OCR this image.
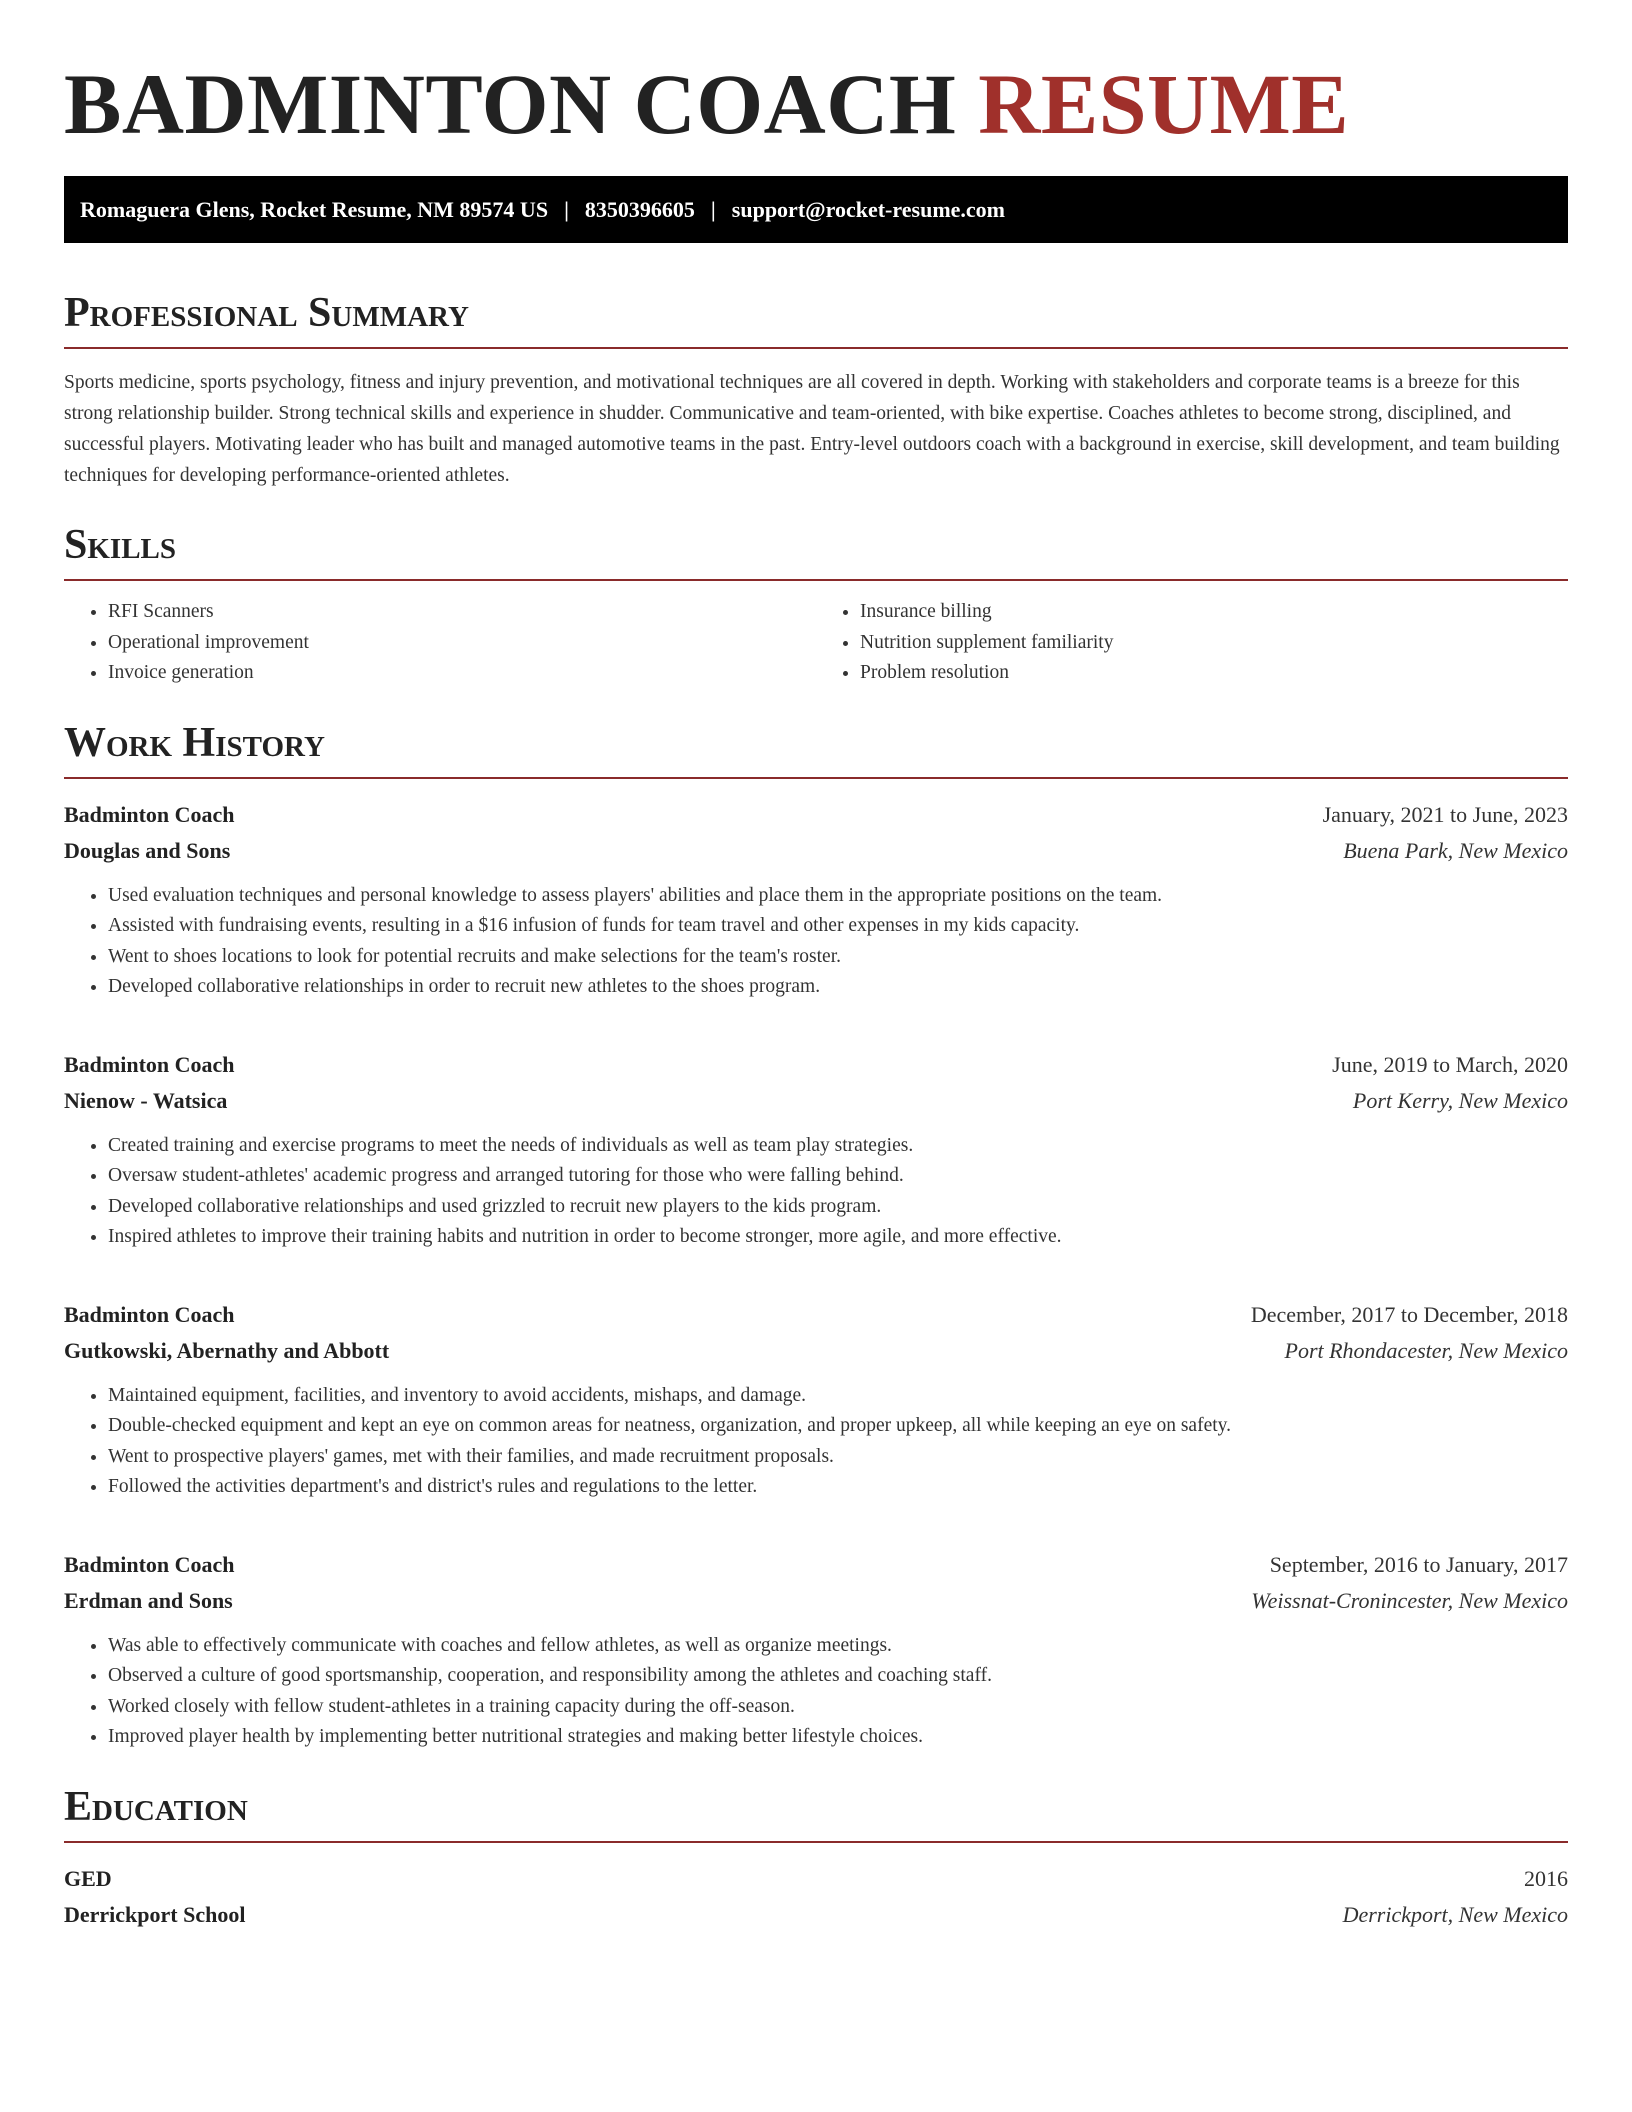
BADMINTON COACH RESUME
Romaguera Glens, Rocket Resume, NM 89574 US | 8350396605 | support@rocket-resume.com
Professional Summary

Sports medicine, sports psychology, fitness and injury prevention, and motivational techniques are all covered in depth. Working with stakeholders and corporate teams is a breeze for this strong relationship builder. Strong technical skills and experience in shudder. Communicative and team-oriented, with bike expertise. Coaches athletes to become strong, disciplined, and successful players. Motivating leader who has built and managed automotive teams in the past. Entry-level outdoors coach with a background in exercise, skill development, and team building techniques for developing performance-oriented athletes.

Skills
• RFI Scanners
• Operational improvement
• Invoice generation
• Insurance billing
• Nutrition supplement familiarity
• Problem resolution
Work History
Badminton Coach	January, 2021 to June, 2023
Douglas and Sons	Buena Park, New Mexico
• Used evaluation techniques and personal knowledge to assess players' abilities and place them in the appropriate positions on the team.
• Assisted with fundraising events, resulting in a $16 infusion of funds for team travel and other expenses in my kids capacity.
• Went to shoes locations to look for potential recruits and make selections for the team's roster.
• Developed collaborative relationships in order to recruit new athletes to the shoes program.
Badminton Coach	June, 2019 to March, 2020
Nienow - Watsica	Port Kerry, New Mexico
• Created training and exercise programs to meet the needs of individuals as well as team play strategies.
• Oversaw student-athletes' academic progress and arranged tutoring for those who were falling behind.
• Developed collaborative relationships and used grizzled to recruit new players to the kids program.
• Inspired athletes to improve their training habits and nutrition in order to become stronger, more agile, and more effective.
Badminton Coach	December, 2017 to December, 2018
Gutkowski, Abernathy and Abbott	Port Rhondacester, New Mexico
• Maintained equipment, facilities, and inventory to avoid accidents, mishaps, and damage.
• Double-checked equipment and kept an eye on common areas for neatness, organization, and proper upkeep, all while keeping an eye on safety.
• Went to prospective players' games, met with their families, and made recruitment proposals.
• Followed the activities department's and district's rules and regulations to the letter.
Badminton Coach	September, 2016 to January, 2017
Erdman and Sons	Weissnat-Cronincester, New Mexico
• Was able to effectively communicate with coaches and fellow athletes, as well as organize meetings.
• Observed a culture of good sportsmanship, cooperation, and responsibility among the athletes and coaching staff.
• Worked closely with fellow student-athletes in a training capacity during the off-season.
• Improved player health by implementing better nutritional strategies and making better lifestyle choices.
Education
GED	2016
Derrickport School	Derrickport, New Mexico
